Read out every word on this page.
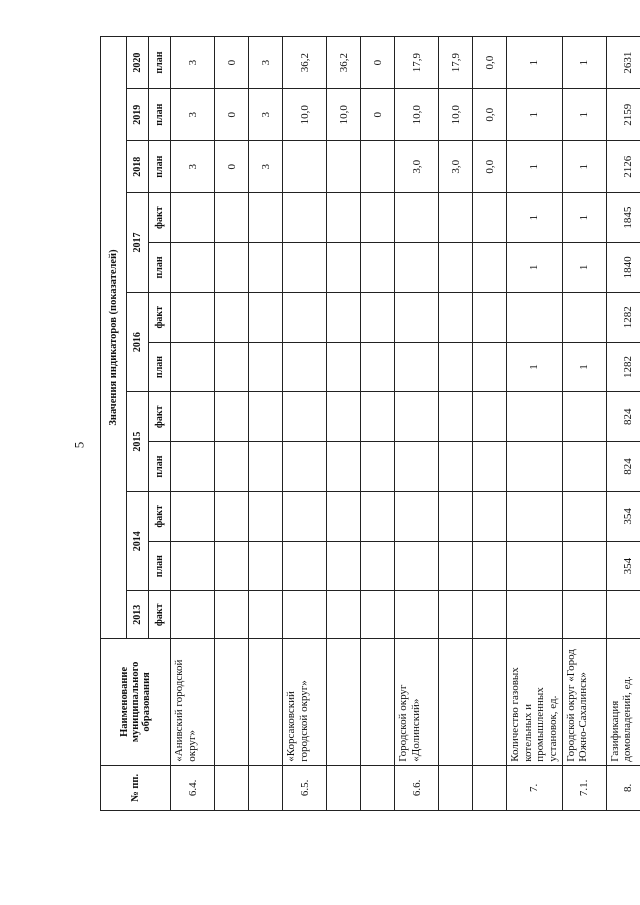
5
№ пп.	Наименование муниципального образования	Значения индикаторов (показателей)											
		2013	2014		2015		2016		2017		2018	2019	2020
		факт	план	факт	план	факт	план	факт	план	факт	план	план	план
6.4.	«Анивский городской округ»										3	3	3
											0	0	0
											3	3	3
6.5.	«Корсаковский городской округ»											10,0	36,2
												10,0	36,2
												0	0
6.6.	Городской округ «Долинский»										3,0	10,0	17,9
											3,0	10,0	17,9
											0,0	0,0	0,0
7.	Количество газовых котельных и промышленных установок, ед.						1		1	1	1	1	1
7.1.	Городской округ «Город Южно-Сахалинск»						1		1	1	1	1	1
8.	Газификация домовладений, ед.		354	354	824	824	1282	1282	1840	1845	2126	2159	2631
